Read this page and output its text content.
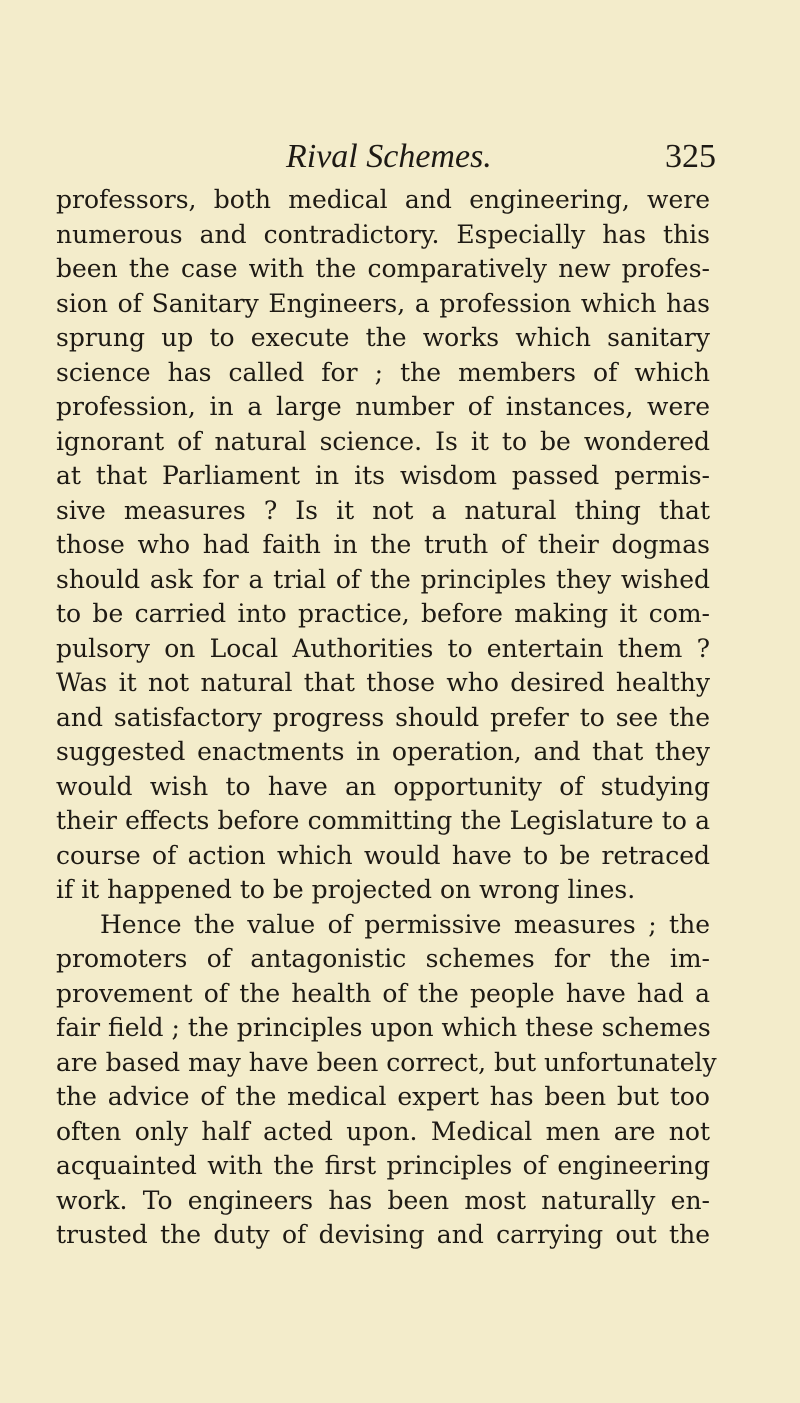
Rival Schemes.	325
professors, both medical and engineering, were
numerous and contradictory. Especially has this
been the case with the comparatively new profes-
sion of Sanitary Engineers, a profession which has
sprung up to execute the works which sanitary
science has called for ; the members of which
profession, in a large number of instances, were
ignorant of natural science. Is it to be wondered
at that Parliament in its wisdom passed permis-
sive measures ? Is it not a natural thing that
those who had faith in the truth of their dogmas
should ask for a trial of the principles they wished
to be carried into practice, before making it com-
pulsory on Local Authorities to entertain them ?
Was it not natural that those who desired healthy
and satisfactory progress should prefer to see the
suggested enactments in operation, and that they
would wish to have an opportunity of studying
their effects before committing the Legislature to a
course of action which would have to be retraced
if it happened to be projected on wrong lines.
Hence the value of permissive measures ; the
promoters of antagonistic schemes for the im-
provement of the health of the people have had a
fair field ; the principles upon which these schemes
are based may have been correct, but unfortunately
the advice of the medical expert has been but too
often only half acted upon. Medical men are not
acquainted with the first principles of engineering
work. To engineers has been most naturally en-
trusted the duty of devising and carrying out the
